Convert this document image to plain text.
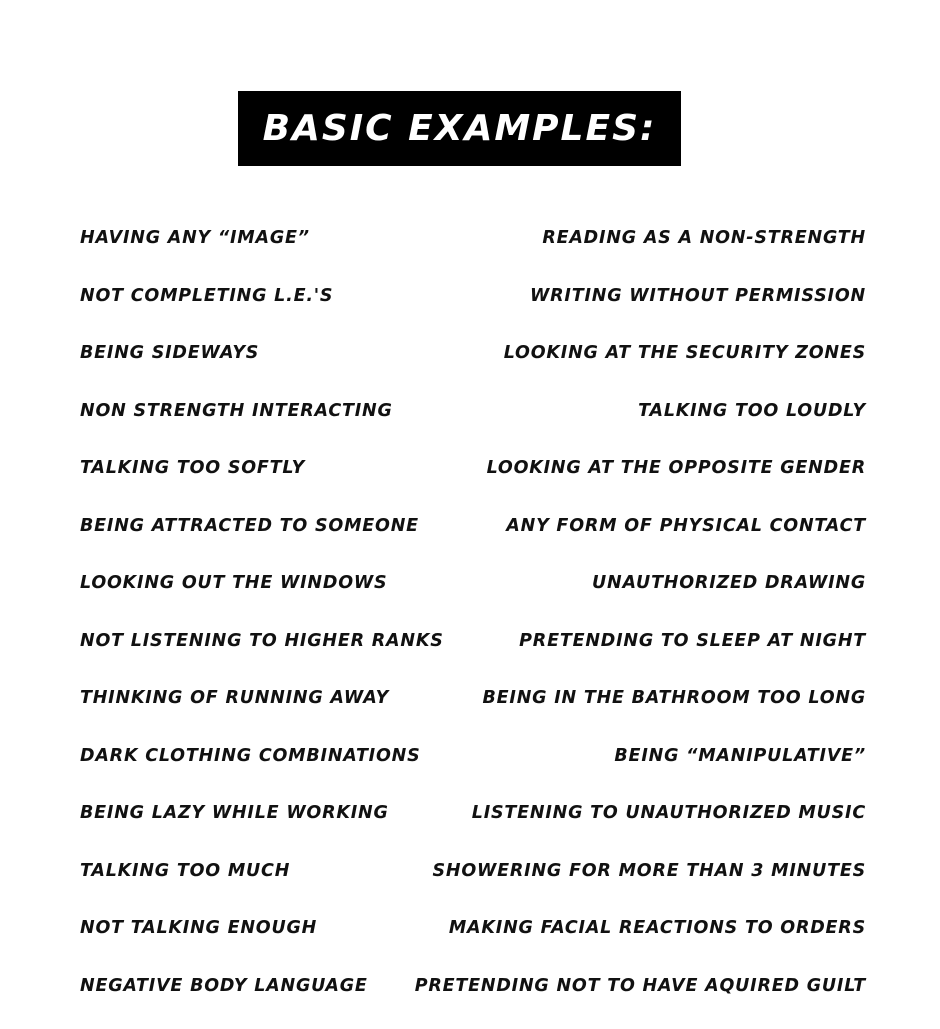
BASIC EXAMPLES:
HAVING ANY “IMAGE”	READING AS A NON-STRENGTH
NOT COMPLETING L.E.'S	WRITING WITHOUT PERMISSION
BEING SIDEWAYS	LOOKING AT THE SECURITY ZONES
NON STRENGTH INTERACTING	TALKING TOO LOUDLY
TALKING TOO SOFTLY	LOOKING AT THE OPPOSITE GENDER
BEING ATTRACTED TO SOMEONE	ANY FORM OF PHYSICAL CONTACT
LOOKING OUT THE WINDOWS	UNAUTHORIZED DRAWING
NOT LISTENING TO HIGHER RANKS	PRETENDING TO SLEEP AT NIGHT
THINKING OF RUNNING AWAY	BEING IN THE BATHROOM TOO LONG
DARK CLOTHING COMBINATIONS	BEING “MANIPULATIVE”
BEING LAZY WHILE WORKING	LISTENING TO UNAUTHORIZED MUSIC
TALKING TOO MUCH	SHOWERING FOR MORE THAN 3 MINUTES
NOT TALKING ENOUGH	MAKING FACIAL REACTIONS TO ORDERS
NEGATIVE BODY LANGUAGE	PRETENDING NOT TO HAVE AQUIRED GUILT
